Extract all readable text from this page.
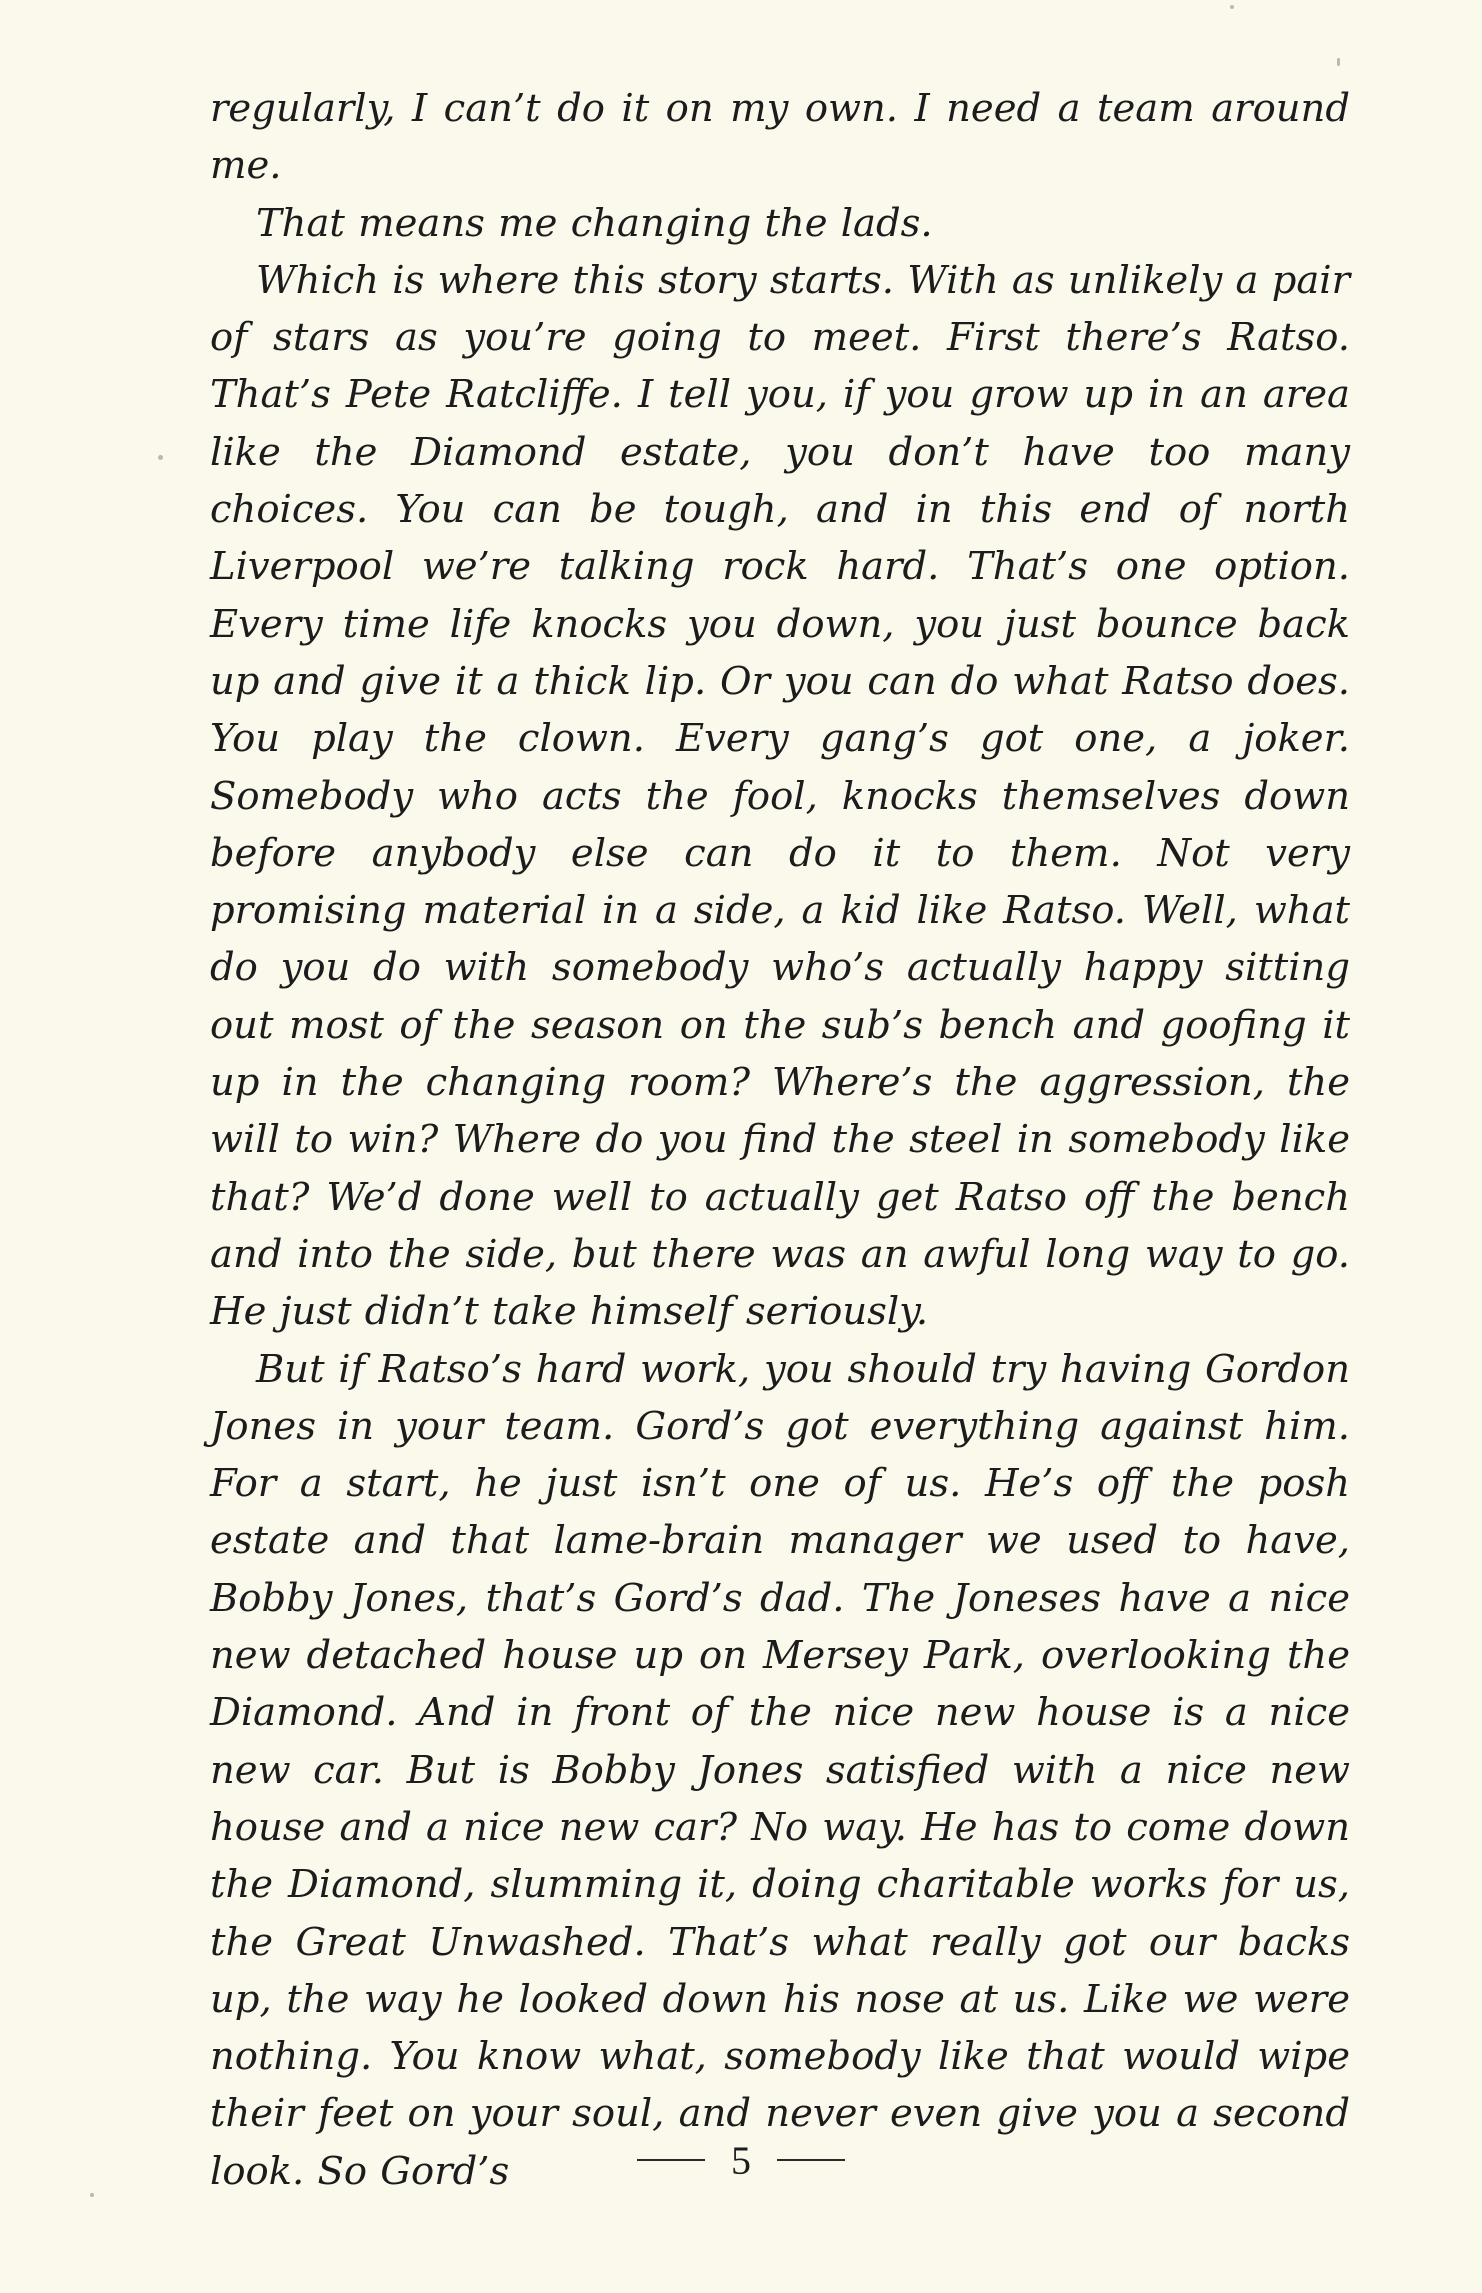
regularly, I can’t do it on my own. I need a team around me.

That means me changing the lads.

Which is where this story starts. With as unlikely a pair of stars as you’re going to meet. First there’s Ratso. That’s Pete Ratcliffe. I tell you, if you grow up in an area like the Diamond estate, you don’t have too many choices. You can be tough, and in this end of north Liverpool we’re talking rock hard. That’s one option. Every time life knocks you down, you just bounce back up and give it a thick lip. Or you can do what Ratso does. You play the clown. Every gang’s got one, a joker. Somebody who acts the fool, knocks themselves down before anybody else can do it to them. Not very promising material in a side, a kid like Ratso. Well, what do you do with somebody who’s actually happy sitting out most of the season on the sub’s bench and goofing it up in the changing room? Where’s the aggression, the will to win? Where do you find the steel in somebody like that? We’d done well to actually get Ratso off the bench and into the side, but there was an awful long way to go. He just didn’t take himself seriously.

But if Ratso’s hard work, you should try having Gordon Jones in your team. Gord’s got everything against him. For a start, he just isn’t one of us. He’s off the posh estate and that lame-brain manager we used to have, Bobby Jones, that’s Gord’s dad. The Joneses have a nice new detached house up on Mersey Park, overlooking the Diamond. And in front of the nice new house is a nice new car. But is Bobby Jones satisfied with a nice new house and a nice new car? No way. He has to come down the Diamond, slumming it, doing charitable works for us, the Great Unwashed. That’s what really got our backs up, the way he looked down his nose at us. Like we were nothing. You know what, somebody like that would wipe their feet on your soul, and never even give you a second look. So Gord’s	5
